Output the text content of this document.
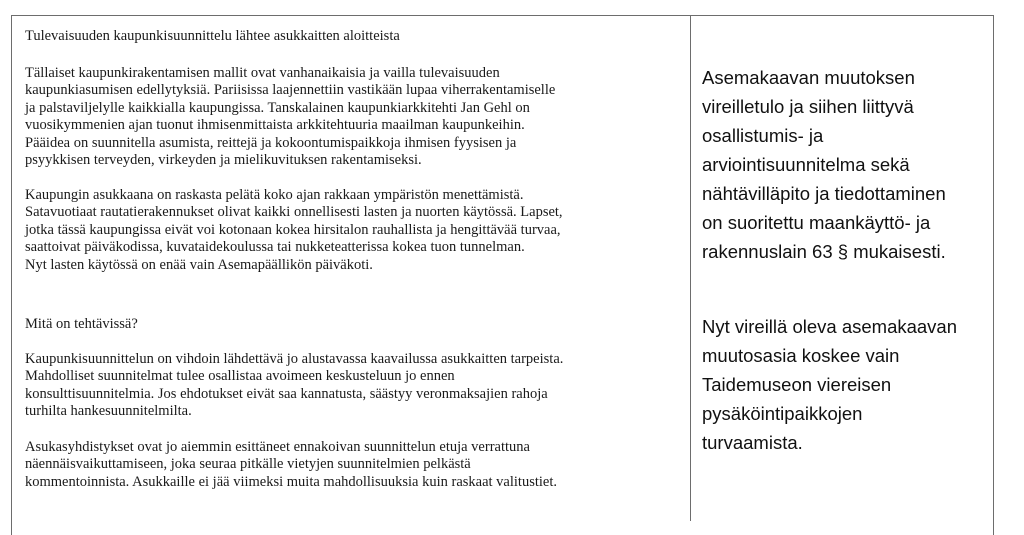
Tulevaisuuden kaupunkisuunnittelu lähtee asukkaitten aloitteista

Tällaiset kaupunkirakentamisen mallit ovat vanhanaikaisia ja vailla tulevaisuuden
kaupunkiasumisen edellytyksiä. Pariisissa laajennettiin vastikään lupaa viherrakentamiselle
ja palstaviljelylle kaikkialla kaupungissa. Tanskalainen kaupunkiarkkitehti Jan Gehl on
vuosikymmenien ajan tuonut ihmisenmittaista arkkitehtuuria maailman kaupunkeihin.
Pääidea on suunnitella asumista, reittejä ja kokoontumispaikkoja ihmisen fyysisen ja
psyykkisen terveyden, virkeyden ja mielikuvituksen rakentamiseksi.

Kaupungin asukkaana on raskasta pelätä koko ajan rakkaan ympäristön menettämistä.
Satavuotiaat rautatierakennukset olivat kaikki onnellisesti lasten ja nuorten käytössä. Lapset,
jotka tässä kaupungissa eivät voi kotonaan kokea hirsitalon rauhallista ja hengittävää turvaa,
saattoivat päiväkodissa, kuvataidekoulussa tai nukketeatterissa kokea tuon tunnelman.
Nyt lasten käytössä on enää vain Asemapäällikön päiväkoti.

Mitä on tehtävissä?

Kaupunkisuunnittelun on vihdoin lähdettävä jo alustavassa kaavailussa asukkaitten tarpeista.
Mahdolliset suunnitelmat tulee osallistaa avoimeen keskusteluun jo ennen
konsulttisuunnitelmia. Jos ehdotukset eivät saa kannatusta, säästyy veronmaksajien rahoja
turhilta hankesuunnitelmilta.

Asukasyhdistykset ovat jo aiemmin esittäneet ennakoivan suunnittelun etuja verrattuna
näennäisvaikuttamiseen, joka seuraa pitkälle vietyjen suunnitelmien pelkästä
kommentoinnista. Asukkaille ei jää viimeksi muita mahdollisuuksia kuin raskaat valitustiet.

Asemakaavan muutoksen
vireilletulo ja siihen liittyvä
osallistumis- ja
arviointisuunnitelma sekä
nähtävilläpito ja tiedottaminen
on suoritettu maankäyttö- ja
rakennuslain 63 § mukaisesti.

Nyt vireillä oleva asemakaavan
muutosasia koskee vain
Taidemuseon viereisen
pysäköintipaikkojen
turvaamista.
